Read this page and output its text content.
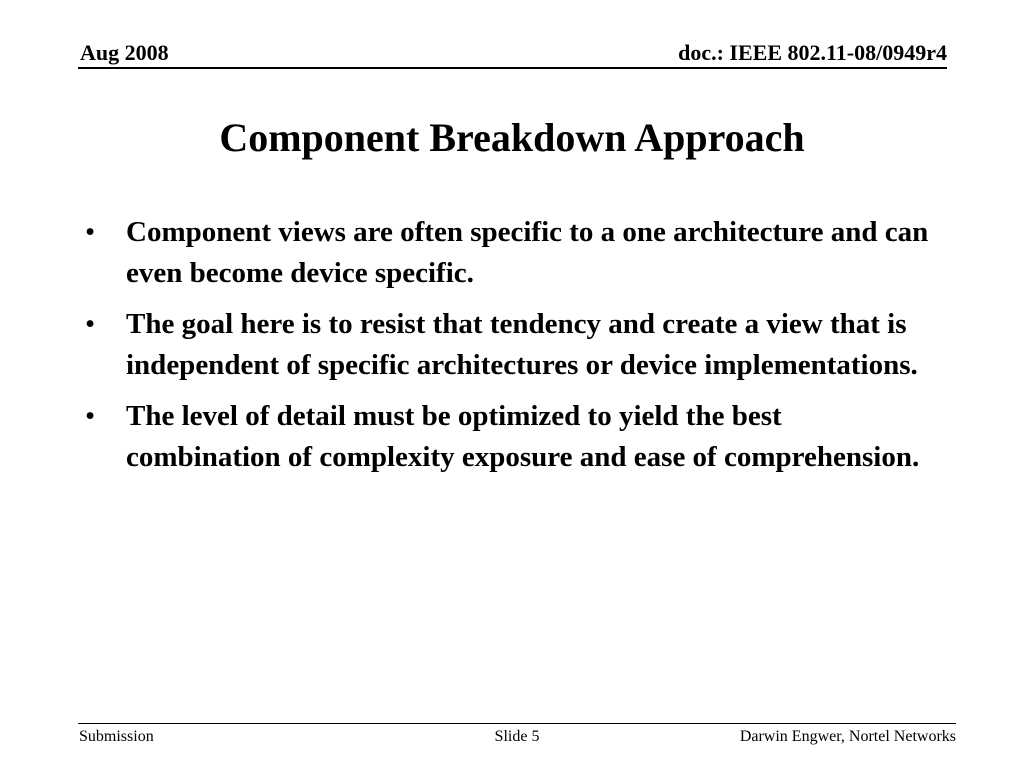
Aug 2008	doc.: IEEE 802.11-08/0949r4
Component Breakdown Approach
• Component views are often specific to a one architecture and can even become device specific.
• The goal here is to resist that tendency and create a view that is independent of specific architectures or device implementations.
• The level of detail must be optimized to yield the best combination of complexity exposure and ease of comprehension.
Submission	Slide 5	Darwin Engwer, Nortel Networks
